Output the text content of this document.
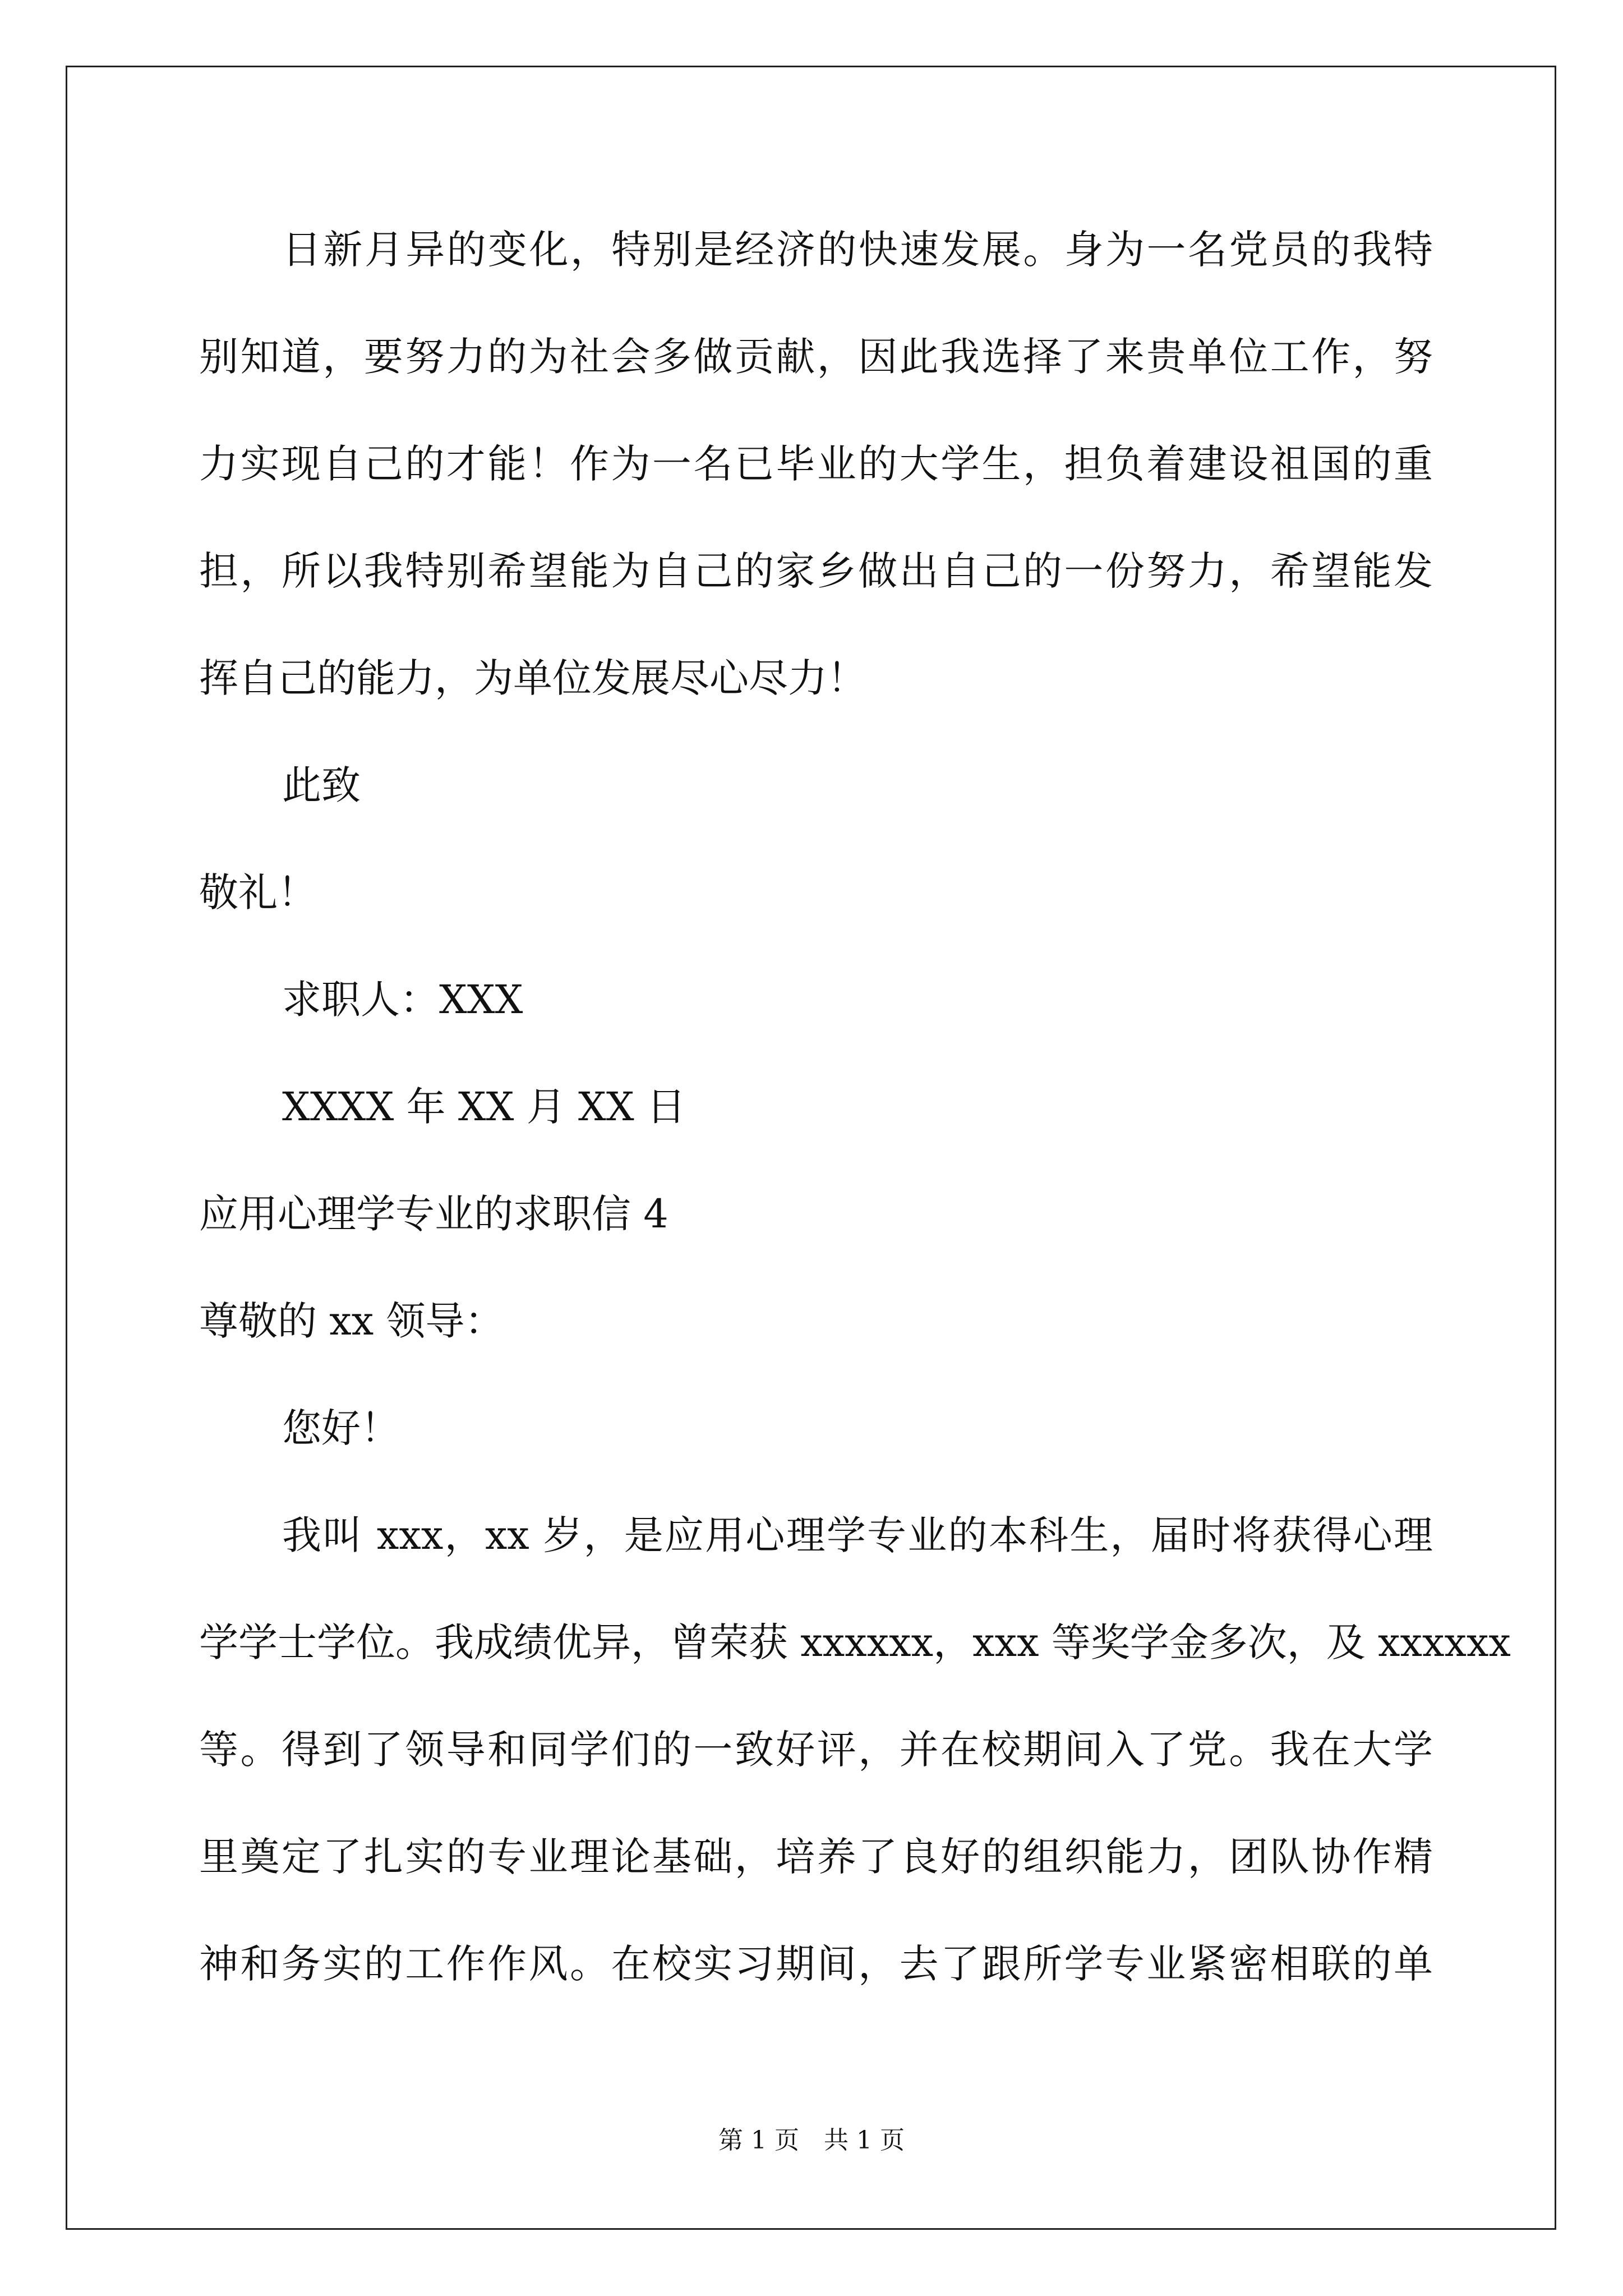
日新月异的变化，特别是经济的快速发展。身为一名党员的我特
别知道，要努力的为社会多做贡献，因此我选择了来贵单位工作，努
力实现自己的才能！作为一名已毕业的大学生，担负着建设祖国的重
担，所以我特别希望能为自己的家乡做出自己的一份努力，希望能发
挥自己的能力，为单位发展尽心尽力！
此致
敬礼！
求职人：XXX
XXXX 年 XX 月 XX 日
应用心理学专业的求职信 4
尊敬的 xx 领导：
您好！
我叫 xxx，xx 岁，是应用心理学专业的本科生，届时将获得心理
学学士学位。我成绩优异，曾荣获 xxxxxx，xxx 等奖学金多次，及 xxxxxx
等。得到了领导和同学们的一致好评，并在校期间入了党。我在大学
里奠定了扎实的专业理论基础，培养了良好的组织能力，团队协作精
神和务实的工作作风。在校实习期间，去了跟所学专业紧密相联的单
第 1 页　共 1 页
